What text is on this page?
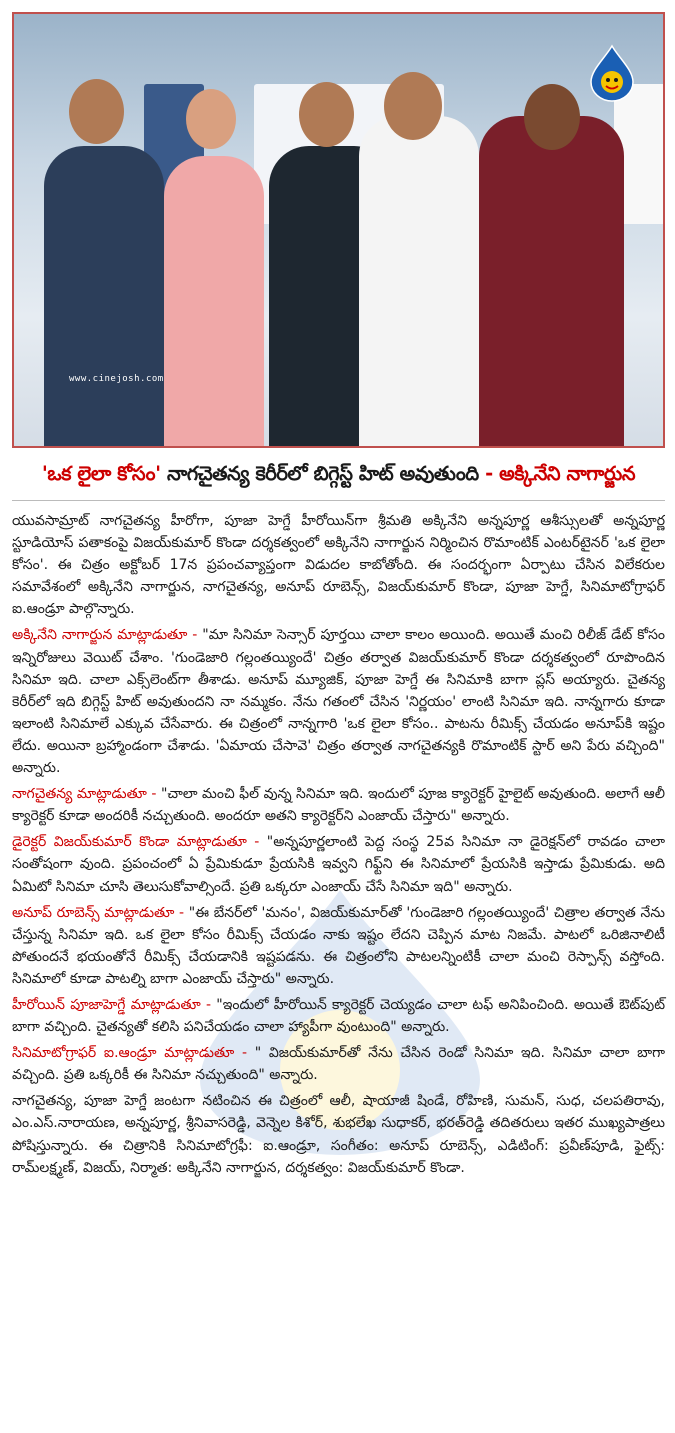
www.cinejosh.com
'ఒక లైలా కోసం' నాగచైతన్య కెరీర్‌లో బిగ్గెస్ట్ హిట్ అవుతుంది - అక్కినేని నాగార్జున

యువసామ్రాట్ నాగచైతన్య హీరోగా, పూజా హెగ్డే హీరోయిన్‌గా శ్రీమతి అక్కినేని అన్నపూర్ణ ఆశీస్సులతో అన్నపూర్ణ స్టూడియోస్ పతాకంపై విజయ్‌కుమార్ కొండా దర్శకత్వంలో అక్కినేని నాగార్జున నిర్మించిన రొమాంటిక్ ఎంటర్‌టైనర్ 'ఒక లైలా కోసం'. ఈ చిత్రం అక్టోబర్ 17న ప్రపంచవ్యాప్తంగా విడుదల కాబోతోంది. ఈ సందర్భంగా ఏర్పాటు చేసిన విలేకరుల సమావేశంలో అక్కినేని నాగార్జున, నాగచైతన్య, అనూప్ రూబెన్స్, విజయ్‌కుమార్ కొండా, పూజా హెగ్డే, సినిమాటోగ్రాఫర్ ఐ.ఆండ్రూ పాల్గొన్నారు.

అక్కినేని నాగార్జున మాట్లాడుతూ - "మా సినిమా సెన్సార్ పూర్తయి చాలా కాలం అయింది. అయితే మంచి రిలీజ్ డేట్ కోసం ఇన్నిరోజులు వెయిట్ చేశాం. 'గుండెజారి గల్లంతయ్యిందే' చిత్రం తర్వాత విజయ్‌కుమార్ కొండా దర్శకత్వంలో రూపొందిన సినిమా ఇది. చాలా ఎక్స్‌లెంట్‌గా తీశాడు. అనూప్ మ్యూజిక్, పూజా హెగ్డే ఈ సినిమాకి బాగా ప్లస్ అయ్యారు. చైతన్య కెరీర్‌లో ఇది బిగ్గెస్ట్ హిట్ అవుతుందని నా నమ్మకం. నేను గతంలో చేసిన 'నిర్ణయం' లాంటి సినిమా ఇది. నాన్నగారు కూడా ఇలాంటి సినిమాలే ఎక్కువ చేసేవారు. ఈ చిత్రంలో నాన్నగారి 'ఒక లైలా కోసం.. పాటను రీమిక్స్ చేయడం అనూప్‌కి ఇష్టం లేదు. అయినా బ్రహ్మాండంగా చేశాడు. 'ఏమాయ చేసావె' చిత్రం తర్వాత నాగచైతన్యకి రొమాంటిక్ స్టార్ అని పేరు వచ్చింది" అన్నారు.

నాగచైతన్య మాట్లాడుతూ - "చాలా మంచి ఫీల్ వున్న సినిమా ఇది. ఇందులో పూజ క్యారెక్టర్ హైలైట్ అవుతుంది. అలాగే ఆలీ క్యారెక్టర్ కూడా అందరికీ నచ్చుతుంది. అందరూ అతని క్యారెక్టర్‌ని ఎంజాయ్ చేస్తారు" అన్నారు.

డైరెక్టర్ విజయ్‌కుమార్ కొండా మాట్లాడుతూ - "అన్నపూర్ణలాంటి పెద్ద సంస్థ 25వ సినిమా నా డైరెక్షన్‌లో రావడం చాలా సంతోషంగా వుంది. ప్రపంచంలో ఏ ప్రేమికుడూ ప్రేయసికి ఇవ్వని గిఫ్ట్‌ని ఈ సినిమాలో ప్రేయసికి ఇస్తాడు ప్రేమికుడు. అది ఏమిటో సినిమా చూసి తెలుసుకోవాల్సిందే. ప్రతి ఒక్కరూ ఎంజాయ్ చేసే సినిమా ఇది" అన్నారు.

అనూప్ రూబెన్స్ మాట్లాడుతూ - "ఈ బేనర్‌లో 'మనం', విజయ్‌కుమార్‌తో 'గుండెజారి గల్లంతయ్యిందే' చిత్రాల తర్వాత నేను చేస్తున్న సినిమా ఇది. ఒక లైలా కోసం రీమిక్స్ చేయడం నాకు ఇష్టం లేదని చెప్పిన మాట నిజమే. పాటలో ఒరిజినాలిటీ పోతుందనే భయంతోనే రీమిక్స్ చేయడానికి ఇష్టపడను. ఈ చిత్రంలోని పాటలన్నింటికీ చాలా మంచి రెస్పాన్స్ వస్తోంది. సినిమాలో కూడా పాటల్ని బాగా ఎంజాయ్ చేస్తారు" అన్నారు.

హీరోయిన్ పూజాహెగ్డే మాట్లాడుతూ - "ఇందులో హీరోయిన్ క్యారెక్టర్ చెయ్యడం చాలా టఫ్ అనిపించింది. అయితే ఔట్‌పుట్ బాగా వచ్చింది. చైతన్యతో కలిసి పనిచేయడం చాలా హ్యాపీగా వుంటుంది" అన్నారు.

సినిమాటోగ్రాఫర్ ఐ.ఆండ్రూ మాట్లాడుతూ - " విజయ్‌కుమార్‌తో నేను చేసిన రెండో సినిమా ఇది. సినిమా చాలా బాగా వచ్చింది. ప్రతి ఒక్కరికీ ఈ సినిమా నచ్చుతుంది" అన్నారు.

నాగచైతన్య, పూజా హెగ్డే జంటగా నటించిన ఈ చిత్రంలో ఆలీ, షాయాజీ షిండే, రోహిణి, సుమన్, సుధ, చలపతిరావు, ఎం.ఎస్.నారాయణ, అన్నపూర్ణ, శ్రీనివాసరెడ్డి, వెన్నెల కిశోర్, శుభలేఖ సుధాకర్, భరత్‌రెడ్డి తదితరులు ఇతర ముఖ్యపాత్రలు పోషిస్తున్నారు. ఈ చిత్రానికి సినిమాటోగ్రఫీ: ఐ.ఆండ్రూ, సంగీతం: అనూప్ రూబెన్స్, ఎడిటింగ్: ప్రవీణ్‌పూడి, ఫైట్స్: రామ్‌లక్ష్మణ్, విజయ్, నిర్మాత: అక్కినేని నాగార్జున, దర్శకత్వం: విజయ్‌కుమార్ కొండా.
